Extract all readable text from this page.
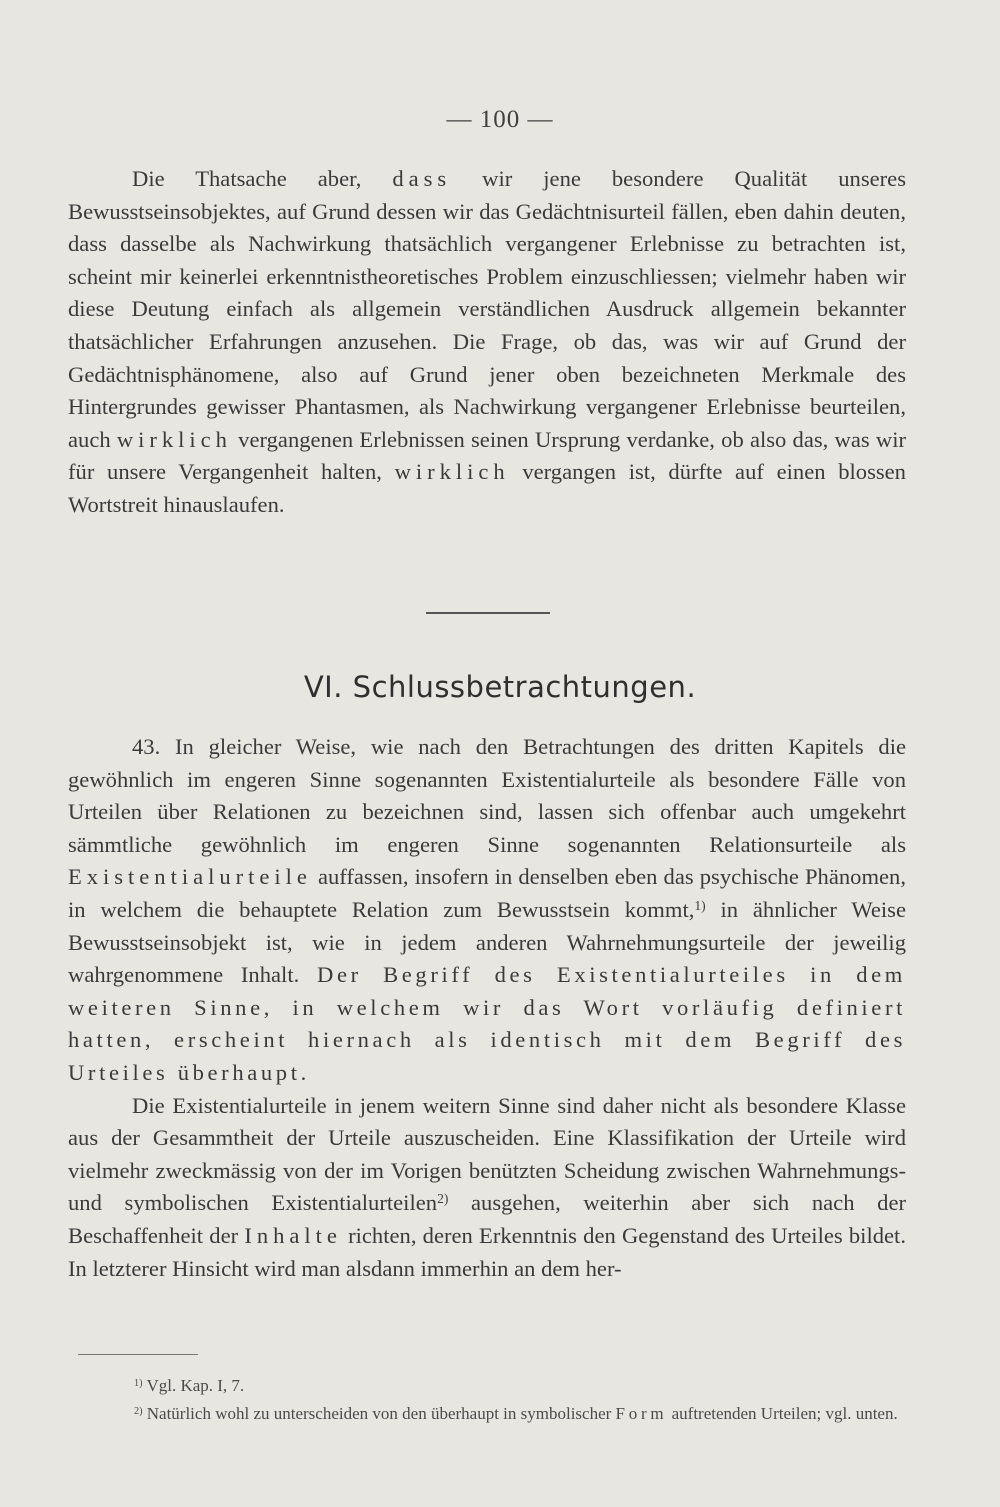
— 100 —

Die Thatsache aber, dass wir jene besondere Qualität unseres Bewusstseinsobjektes, auf Grund dessen wir das Gedächtnisurteil fällen, eben dahin deuten, dass dasselbe als Nachwirkung thatsächlich vergangener Erlebnisse zu betrachten ist, scheint mir keinerlei erkenntnistheoretisches Problem einzuschliessen; vielmehr haben wir diese Deutung einfach als allgemein verständlichen Ausdruck allgemein bekannter thatsächlicher Erfahrungen anzusehen. Die Frage, ob das, was wir auf Grund der Gedächtnisphänomene, also auf Grund jener oben bezeichneten Merkmale des Hintergrundes gewisser Phantasmen, als Nachwirkung vergangener Erlebnisse beurteilen, auch wirklich vergangenen Erlebnissen seinen Ursprung verdanke, ob also das, was wir für unsere Vergangenheit halten, wirklich vergangen ist, dürfte auf einen blossen Wortstreit hinauslaufen.

VI. Schlussbetrachtungen.

43. In gleicher Weise, wie nach den Betrachtungen des dritten Kapitels die gewöhnlich im engeren Sinne sogenannten Existentialurteile als besondere Fälle von Urteilen über Relationen zu bezeichnen sind, lassen sich offenbar auch umgekehrt sämmtliche gewöhnlich im engeren Sinne sogenannten Relationsurteile als Existentialurteile auffassen, insofern in denselben eben das psychische Phänomen, in welchem die behauptete Relation zum Bewusstsein kommt,$^{1)}$ in ähnlicher Weise Bewusstseinsobjekt ist, wie in jedem anderen Wahrnehmungsurteile der jeweilig wahrgenommene Inhalt. Der Begriff des Existentialurteiles in dem weiteren Sinne, in welchem wir das Wort vorläufig definiert hatten, erscheint hiernach als identisch mit dem Begriff des Urteiles überhaupt.

Die Existentialurteile in jenem weitern Sinne sind daher nicht als besondere Klasse aus der Gesammtheit der Urteile auszuscheiden. Eine Klassifikation der Urteile wird vielmehr zweckmässig von der im Vorigen benützten Scheidung zwischen Wahrnehmungs- und symbolischen Existentialurteilen$^{2)}$ ausgehen, weiterhin aber sich nach der Beschaffenheit der Inhalte richten, deren Erkenntnis den Gegenstand des Urteiles bildet. In letzterer Hinsicht wird man alsdann immerhin an dem her-

$^{1)}$ Vgl. Kap. I, 7.

$^{2)}$ Natürlich wohl zu unterscheiden von den überhaupt in symbolischer Form auftretenden Urteilen; vgl. unten.
